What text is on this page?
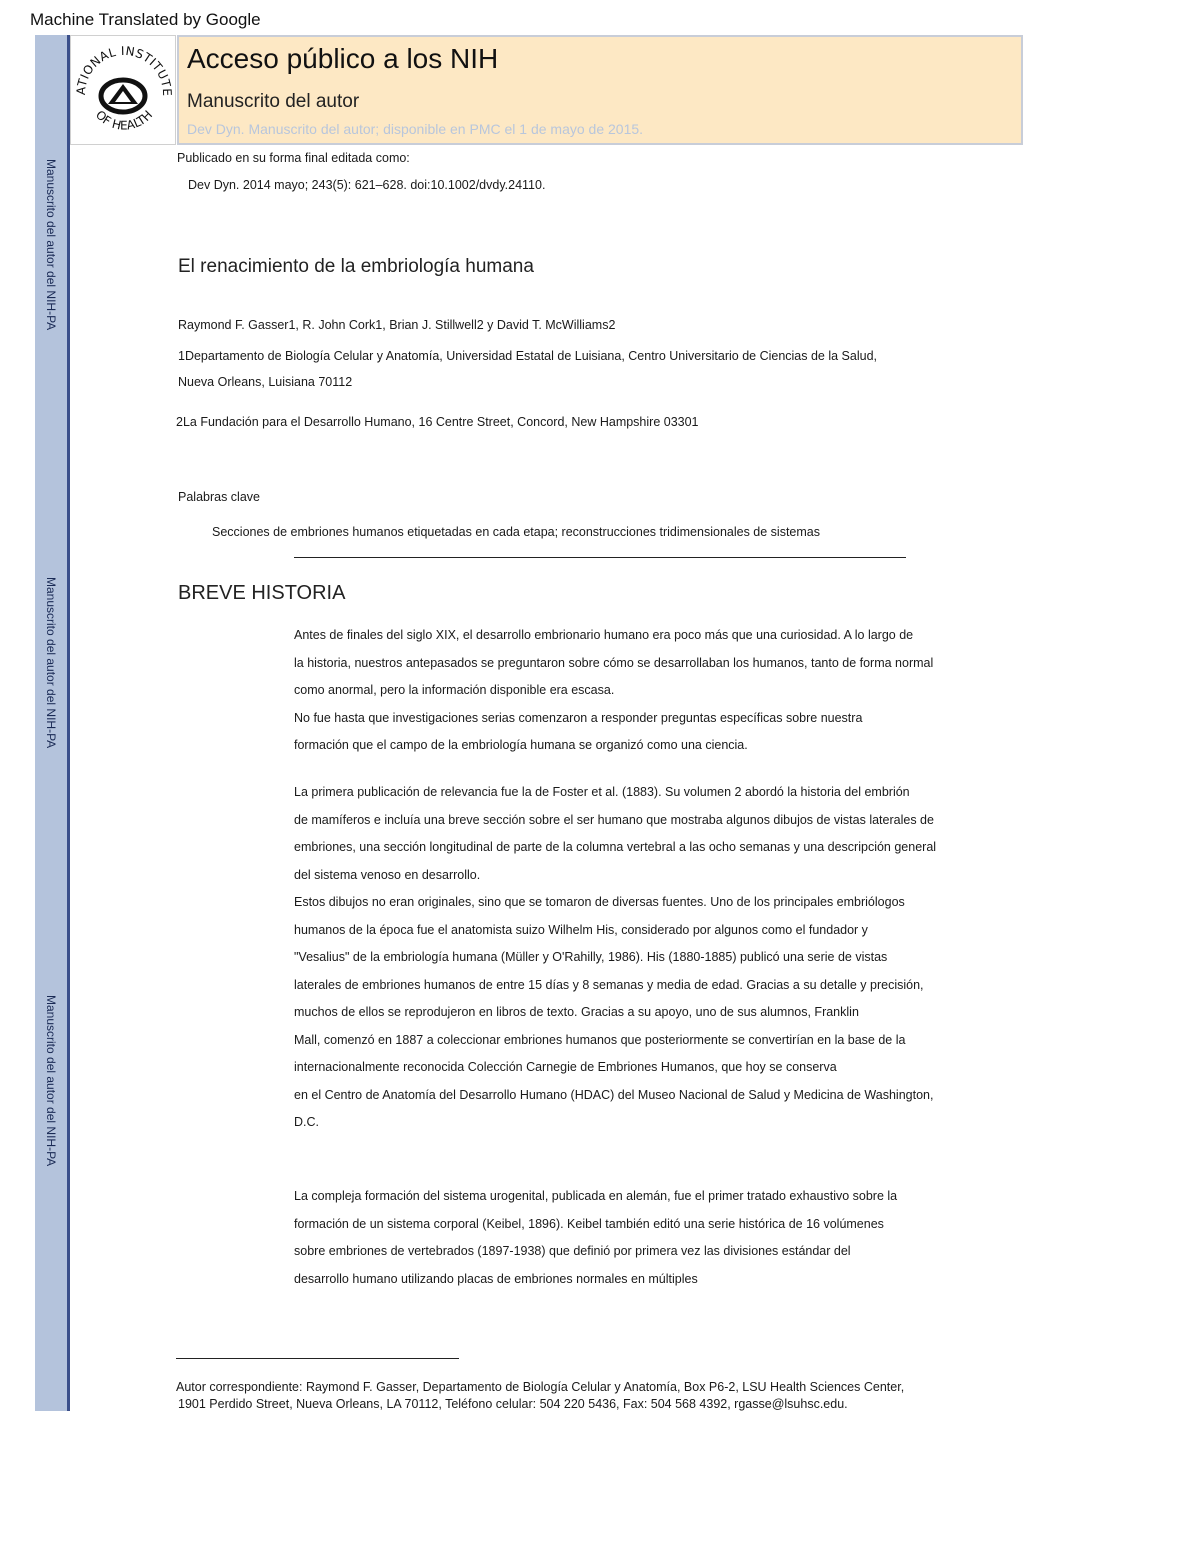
Machine Translated by Google
Manuscrito del autor del NIH-PA
Manuscrito del autor del NIH-PA
Manuscrito del autor del NIH-PA
ATIONAL INSTITUTE
OF HEALTH
Acceso público a los NIH
Manuscrito del autor
Dev Dyn. Manuscrito del autor; disponible en PMC el 1 de mayo de 2015.
Publicado en su forma final editada como:
Dev Dyn. 2014 mayo; 243(5): 621–628. doi:10.1002/dvdy.24110.
El renacimiento de la embriología humana
Raymond F. Gasser1, R. John Cork1, Brian J. Stillwell2 y David T. McWilliams2
1Departamento de Biología Celular y Anatomía, Universidad Estatal de Luisiana, Centro Universitario de Ciencias de la Salud,
Nueva Orleans, Luisiana 70112
2La Fundación para el Desarrollo Humano, 16 Centre Street, Concord, New Hampshire 03301
Palabras clave
Secciones de embriones humanos etiquetadas en cada etapa; reconstrucciones tridimensionales de sistemas
BREVE HISTORIA
Antes de finales del siglo XIX, el desarrollo embrionario humano era poco más que una curiosidad. A lo largo de
la historia, nuestros antepasados se preguntaron sobre cómo se desarrollaban los humanos, tanto de forma normal
como anormal, pero la información disponible era escasa.
No fue hasta que investigaciones serias comenzaron a responder preguntas específicas sobre nuestra
formación que el campo de la embriología humana se organizó como una ciencia.
La primera publicación de relevancia fue la de Foster et al. (1883). Su volumen 2 abordó la historia del embrión
de mamíferos e incluía una breve sección sobre el ser humano que mostraba algunos dibujos de vistas laterales de
embriones, una sección longitudinal de parte de la columna vertebral a las ocho semanas y una descripción general
del sistema venoso en desarrollo.
Estos dibujos no eran originales, sino que se tomaron de diversas fuentes. Uno de los principales embriólogos
humanos de la época fue el anatomista suizo Wilhelm His, considerado por algunos como el fundador y
"Vesalius" de la embriología humana (Müller y O'Rahilly, 1986). His (1880-1885) publicó una serie de vistas
laterales de embriones humanos de entre 15 días y 8 semanas y media de edad. Gracias a su detalle y precisión,
muchos de ellos se reprodujeron en libros de texto. Gracias a su apoyo, uno de sus alumnos, Franklin
Mall, comenzó en 1887 a coleccionar embriones humanos que posteriormente se convertirían en la base de la
internacionalmente reconocida Colección Carnegie de Embriones Humanos, que hoy se conserva
en el Centro de Anatomía del Desarrollo Humano (HDAC) del Museo Nacional de Salud y Medicina de Washington,
D.C.
La compleja formación del sistema urogenital, publicada en alemán, fue el primer tratado exhaustivo sobre la
formación de un sistema corporal (Keibel, 1896). Keibel también editó una serie histórica de 16 volúmenes
sobre embriones de vertebrados (1897-1938) que definió por primera vez las divisiones estándar del
desarrollo humano utilizando placas de embriones normales en múltiples
Autor correspondiente: Raymond F. Gasser, Departamento de Biología Celular y Anatomía, Box P6-2, LSU Health Sciences Center,
1901 Perdido Street, Nueva Orleans, LA 70112, Teléfono celular: 504 220 5436, Fax: 504 568 4392, rgasse@lsuhsc.edu.
